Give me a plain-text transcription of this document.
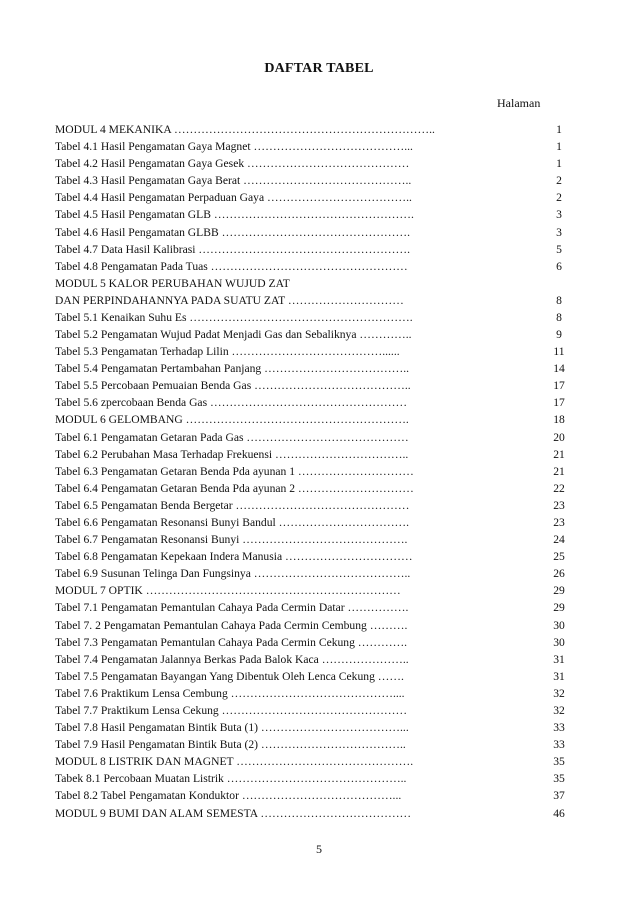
DAFTAR TABEL
Halaman
MODUL 4 MEKANIKA …………………………………………………………..	1
Tabel 4.1 Hasil Pengamatan Gaya Magnet …………………………………...	1
Tabel 4.2 Hasil Pengamatan Gaya Gesek ……………………………………	1
Tabel 4.3 Hasil Pengamatan Gaya Berat ……………………………………..	2
Tabel 4.4 Hasil Pengamatan Perpaduan Gaya ………………………………..	2
Tabel 4.5 Hasil Pengamatan GLB …………………………………………….	3
Tabel 4.6 Hasil Pengamatan GLBB ………………………………………….	3
Tabel 4.7 Data Hasil Kalibrasi ……………………………………………….	5
Tabel 4.8 Pengamatan Pada Tuas ……………………………………………	6
MODUL 5 KALOR PERUBAHAN WUJUD ZAT
DAN PERPINDAHANNYA PADA SUATU ZAT …………………………	8
Tabel 5.1 Kenaikan Suhu Es ………………………………………………….	8
Tabel 5.2 Pengamatan Wujud Padat Menjadi Gas dan Sebaliknya …………..	9
Tabel 5.3 Pengamatan Terhadap Lilin …………………………………......	11
Tabel 5.4 Pengamatan Pertambahan Panjang ………………………………..	14
Tabel 5.5 Percobaan Pemuaian Benda Gas …………………………………..	17
Tabel 5.6 zpercobaan Benda Gas ……………………………………………	17
MODUL 6 GELOMBANG ………………………………………………….	18
Tabel 6.1 Pengamatan Getaran Pada Gas ……………………………………	20
Tabel 6.2 Perubahan Masa Terhadap Frekuensi ……………………………..	21
Tabel 6.3 Pengamatan Getaran Benda Pda ayunan 1 …………………………	21
Tabel 6.4 Pengamatan Getaran Benda Pda ayunan 2 …………………………	22
Tabel 6.5 Pengamatan Benda Bergetar ………………………………………	23
Tabel 6.6 Pengamatan Resonansi Bunyi Bandul …………………………….	23
Tabel 6.7 Pengamatan Resonansi Bunyi …………………………………….	24
Tabel 6.8 Pengamatan Kepekaan Indera Manusia ……………………………	25
Tabel 6.9 Susunan Telinga Dan Fungsinya …………………………………..	26
MODUL 7 OPTIK …………………………………………………………	29
Tabel 7.1 Pengamatan Pemantulan Cahaya Pada Cermin Datar …………….	29
Tabel 7. 2 Pengamatan Pemantulan Cahaya Pada Cermin Cembung ……….	30
Tabel 7.3 Pengamatan Pemantulan Cahaya Pada Cermin Cekung ………….	30
Tabel 7.4 Pengamatan Jalannya Berkas Pada Balok Kaca …………………..	31
Tabel 7.5 Pengamatan Bayangan Yang Dibentuk Oleh Lenca Cekung …….	31
Tabel 7.6 Praktikum Lensa Cembung ……………………………………....	32
Tabel 7.7 Praktikum Lensa Cekung …………………………………………	32
Tabel 7.8 Hasil Pengamatan Bintik Buta (1) ………………………………...	33
Tabel 7.9 Hasil Pengamatan Bintik Buta (2) ………………………………..	33
MODUL 8 LISTRIK DAN MAGNET ……………………………………….	35
Tabek 8.1 Percobaan Muatan Listrik ………………………………………..	35
Tabel 8.2 Tabel Pengamatan Konduktor …………………………………...	37
MODUL 9 BUMI DAN ALAM SEMESTA …………………………………	46
5
